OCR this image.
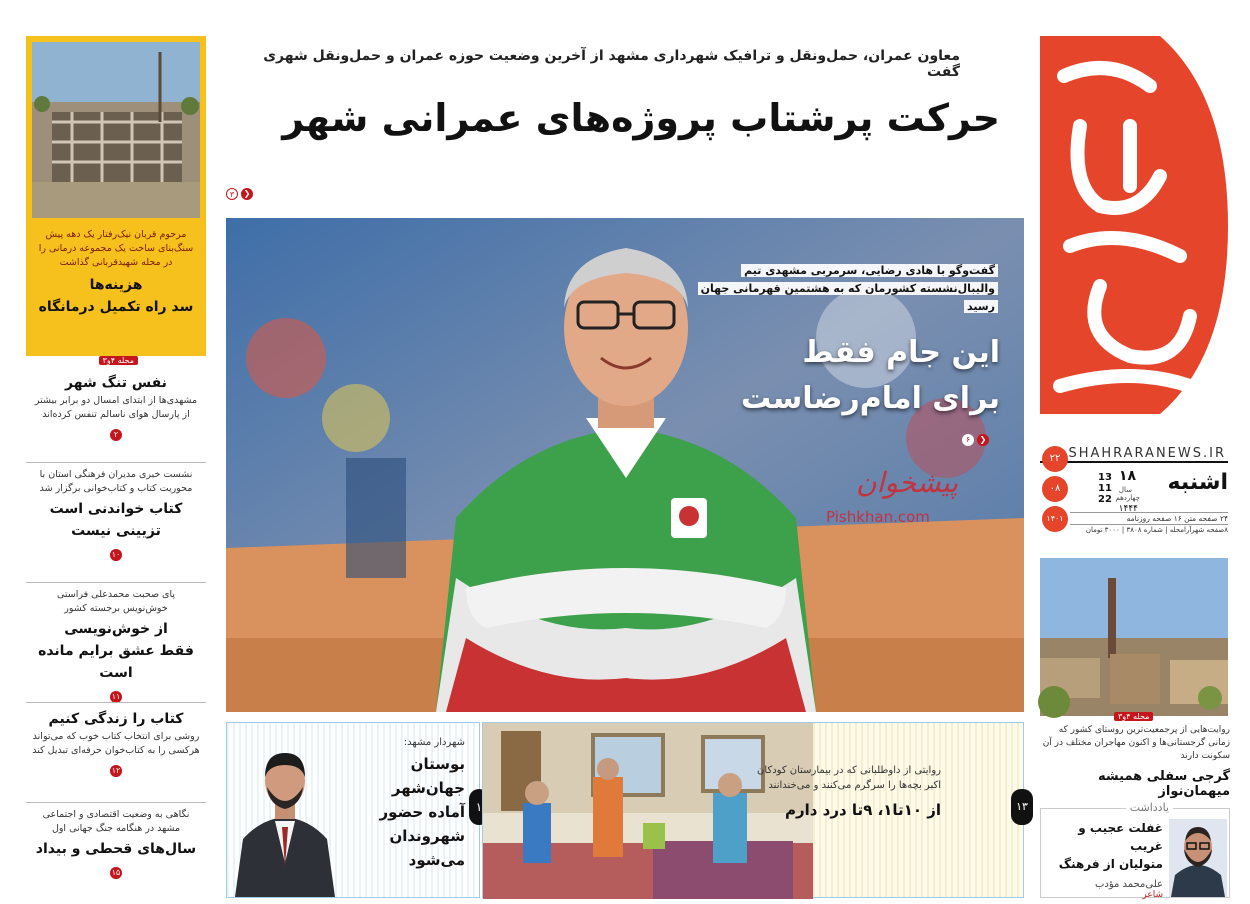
مرحوم قربان نیک‌رفتار یک دهه پیش سنگ‌بنای ساخت یک مجموعه درمانی را در محله شهیدقربانی گذاشت
هزینه‌ها
سد راه تکمیل درمانگاه
محله ۴و۳
نفس تنگ شهر
مشهدی‌ها از ابتدای امسال دو برابر بیشتر از پارسال هوای ناسالم تنفس کرده‌اند
۲
نشست خبری مدیران فرهنگی استان با محوریت کتاب و کتاب‌خوانی برگزار شد
کتاب خواندنی است
تزیینی نیست
۱۰
پای صحبت محمدعلی فراستی خوش‌نویس برجسته کشور
از خوش‌نویسی
فقط عشق برایم مانده است
۱۱
کتاب را زندگی کنیم
روشی برای انتخاب کتاب خوب که می‌تواند هرکسی را به کتاب‌خوان حرفه‌ای تبدیل کند
۱۲
نگاهی به وضعیت اقتصادی و اجتماعی مشهد در هنگامه جنگ جهانی اول
سال‌های قحطی و بیداد
۱۵
معاون عمران، حمل‌ونقل و ترافیک شهرداری مشهد از آخرین وضعیت حوزه عمران و حمل‌ونقل شهری گفت
حرکت پرشتاب پروژه‌های عمرانی شهر
۳	❯
گفت‌وگو با هادی رضایی، سرمربی مشهدی تیم والیبال‌نشسته کشورمان که به هشتمین قهرمانی جهان رسید
این جام فقط
برای امام‌رضاست
۶	❯
پیشخوان
Pishkhan.com
شهردار مشهد:
بوستان جهان‌شهر
آماده حضور شهروندان
می‌شود
۱
روایتی از داوطلبانی که در بیمارستان کودکان اکبر بچه‌ها را سرگرم می‌کنند و می‌خندانند
از ۱۰تا۱، ۹تا درد دارم	۱۳
SHAHRARANEWS.IR
۲۲
۰۸
۱۴۰۱
اشنبه
۱۸
سال
چهاردهم
۱۴۴۴
13
11
22
۲۴ صفحه متن ۱۶ صفحه روزنامه
۸صفحه شهرآرامحله | شماره ۳۸۰۸ | ۳۰۰۰ تومان
محله ۴و۳
روایت‌هایی از پرجمعیت‌ترین روستای کشور که زمانی گرجستانی‌ها و اکنون مهاجران مختلف در آن سکونت دارند
گرجی سفلی همیشه میهمان‌نواز
یادداشت
غفلت عجیب و غریب
متولیان از فرهنگ
علی‌محمد مؤدب
شاعر
